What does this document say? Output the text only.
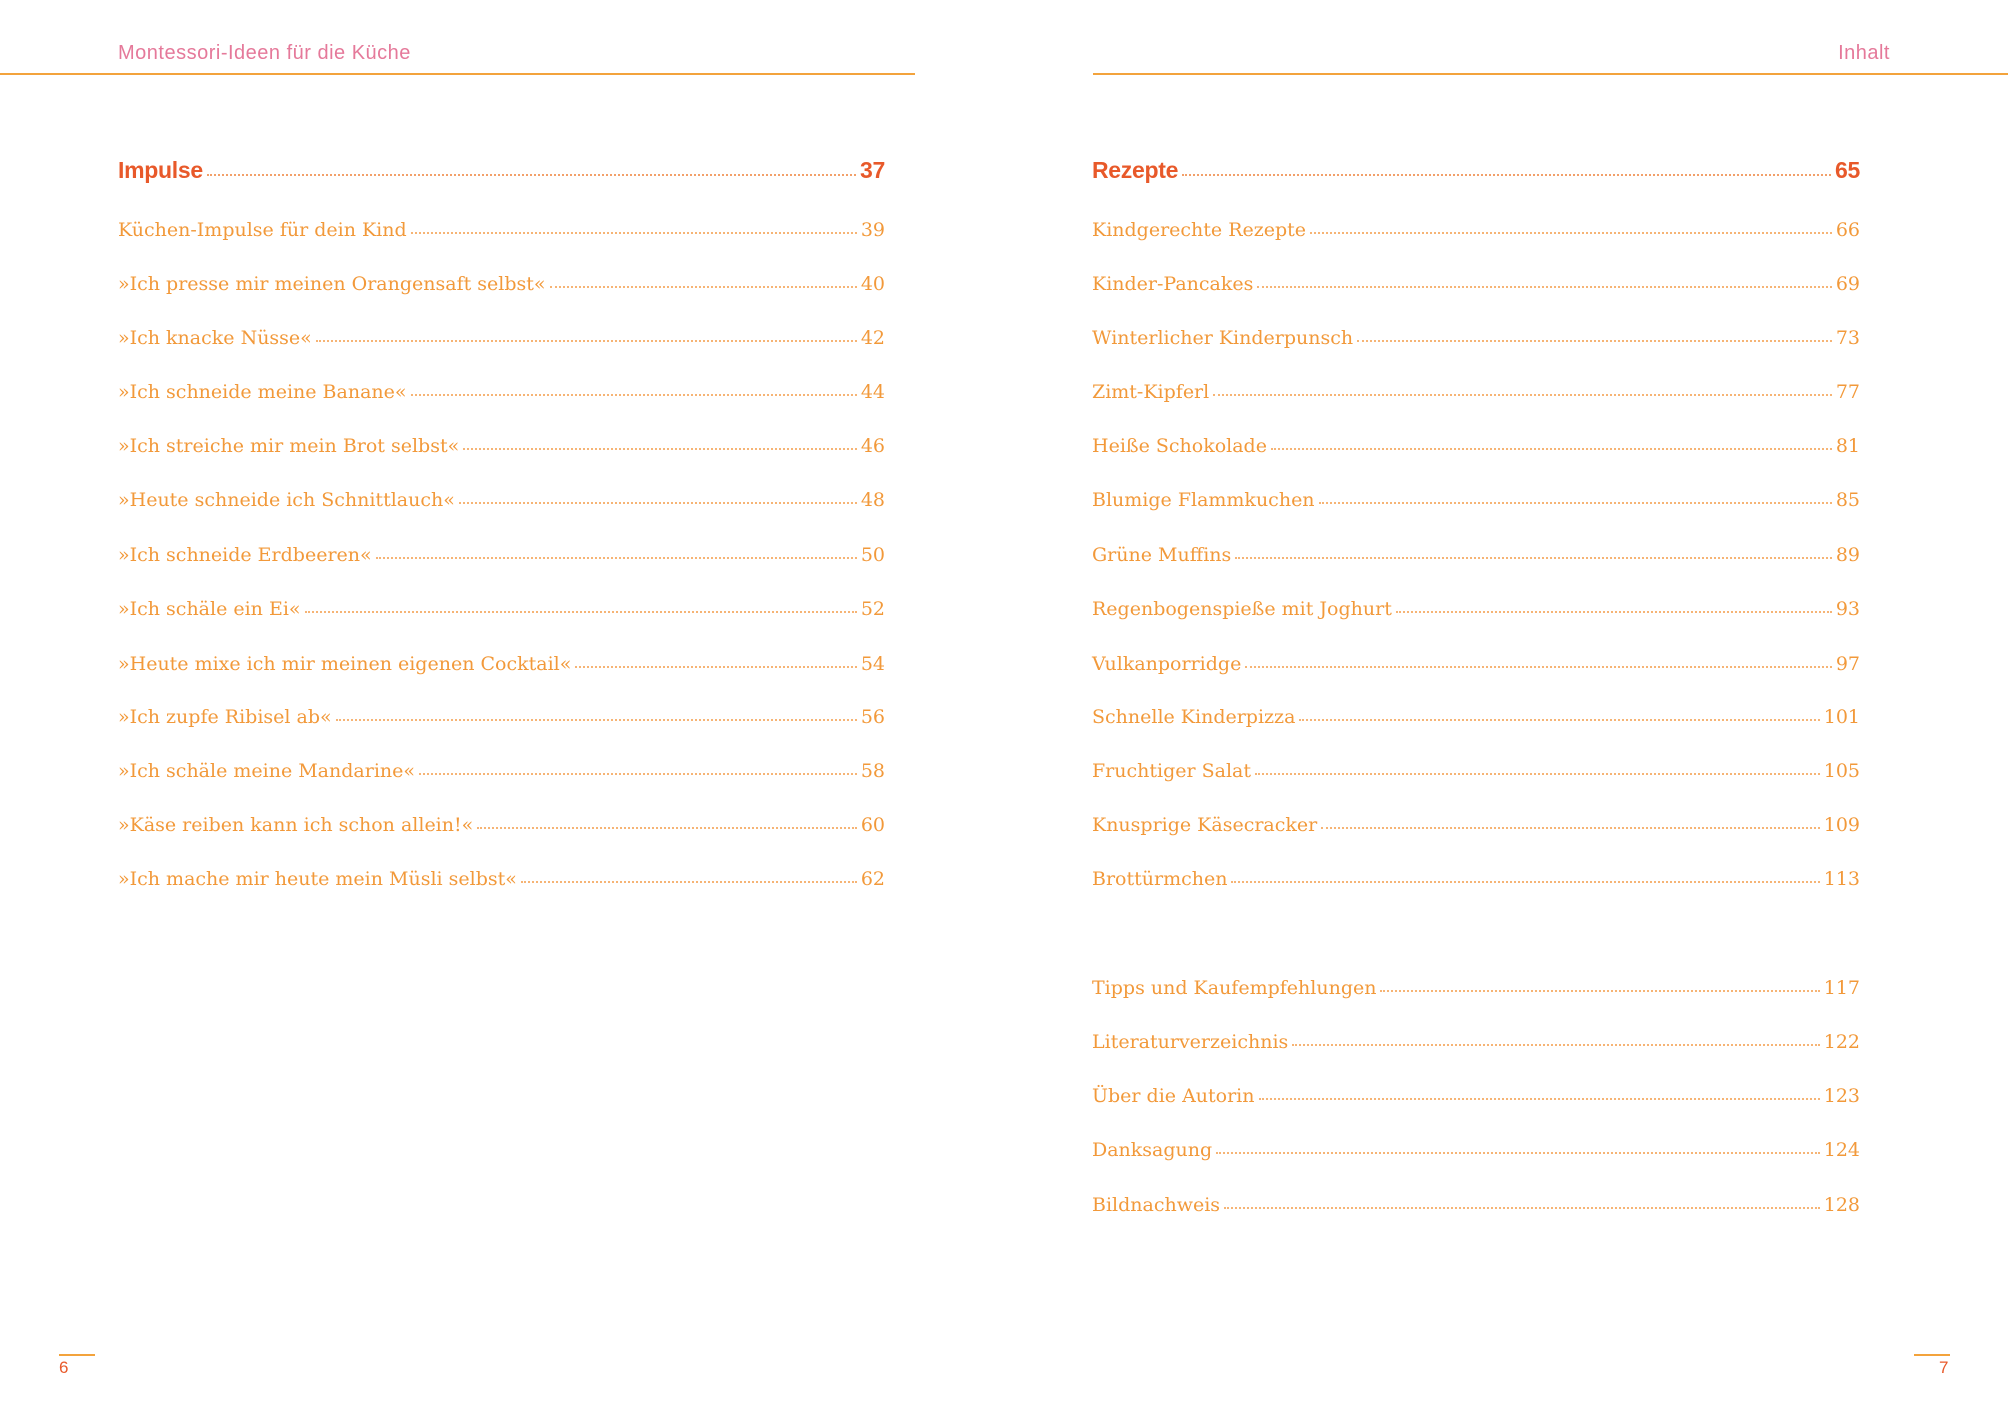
Montessori-Ideen für die Küche	Inhalt
Impulse	37
Küchen-Impulse für dein Kind	39
»Ich presse mir meinen Orangensaft selbst«	40
»Ich knacke Nüsse«	42
»Ich schneide meine Banane«	44
»Ich streiche mir mein Brot selbst«	46
»Heute schneide ich Schnittlauch«	48
»Ich schneide Erdbeeren«	50
»Ich schäle ein Ei«	52
»Heute mixe ich mir meinen eigenen Cocktail«	54
»Ich zupfe Ribisel ab«	56
»Ich schäle meine Mandarine«	58
»Käse reiben kann ich schon allein!«	60
»Ich mache mir heute mein Müsli selbst«	62
Rezepte	65
Kindgerechte Rezepte	66
Kinder-Pancakes	69
Winterlicher Kinderpunsch	73
Zimt-Kipferl	77
Heiße Schokolade	81
Blumige Flammkuchen	85
Grüne Muffins	89
Regenbogenspieße mit Joghurt	93
Vulkanporridge	97
Schnelle Kinderpizza	101
Fruchtiger Salat	105
Knusprige Käsecracker	109
Brottürmchen	113
Tipps und Kaufempfehlungen	117
Literaturverzeichnis	122
Über die Autorin	123
Danksagung	124
Bildnachweis	128
6	7
